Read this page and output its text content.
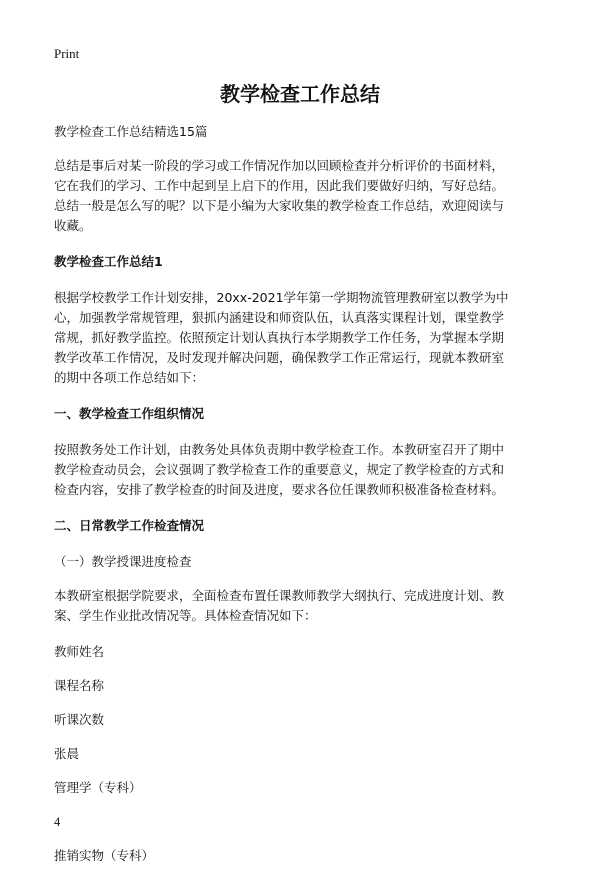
Print
教学检查工作总结
教学检查工作总结精选15篇
总结是事后对某一阶段的学习或工作情况作加以回顾检查并分析评价的书面材料，
它在我们的学习、工作中起到呈上启下的作用，因此我们要做好归纳，写好总结。
总结一般是怎么写的呢？以下是小编为大家收集的教学检查工作总结，欢迎阅读与
收藏。
教学检查工作总结1
根据学校教学工作计划安排，20xx-2021学年第一学期物流管理教研室以教学为中
心，加强教学常规管理，狠抓内涵建设和师资队伍，认真落实课程计划，课堂教学
常规，抓好教学监控。依照预定计划认真执行本学期教学工作任务，为掌握本学期
教学改革工作情况，及时发现并解决问题，确保教学工作正常运行，现就本教研室
的期中各项工作总结如下：
一、教学检查工作组织情况
按照教务处工作计划，由教务处具体负责期中教学检查工作。本教研室召开了期中
教学检查动员会，会议强调了教学检查工作的重要意义，规定了教学检查的方式和
检查内容，安排了教学检查的时间及进度，要求各位任课教师积极准备检查材料。
二、日常教学工作检查情况
（一）教学授课进度检查
本教研室根据学院要求，全面检查布置任课教师教学大纲执行、完成进度计划、教
案、学生作业批改情况等。具体检查情况如下：
教师姓名
课程名称
听课次数
张晨
管理学（专科）
4
推销实物（专科）
